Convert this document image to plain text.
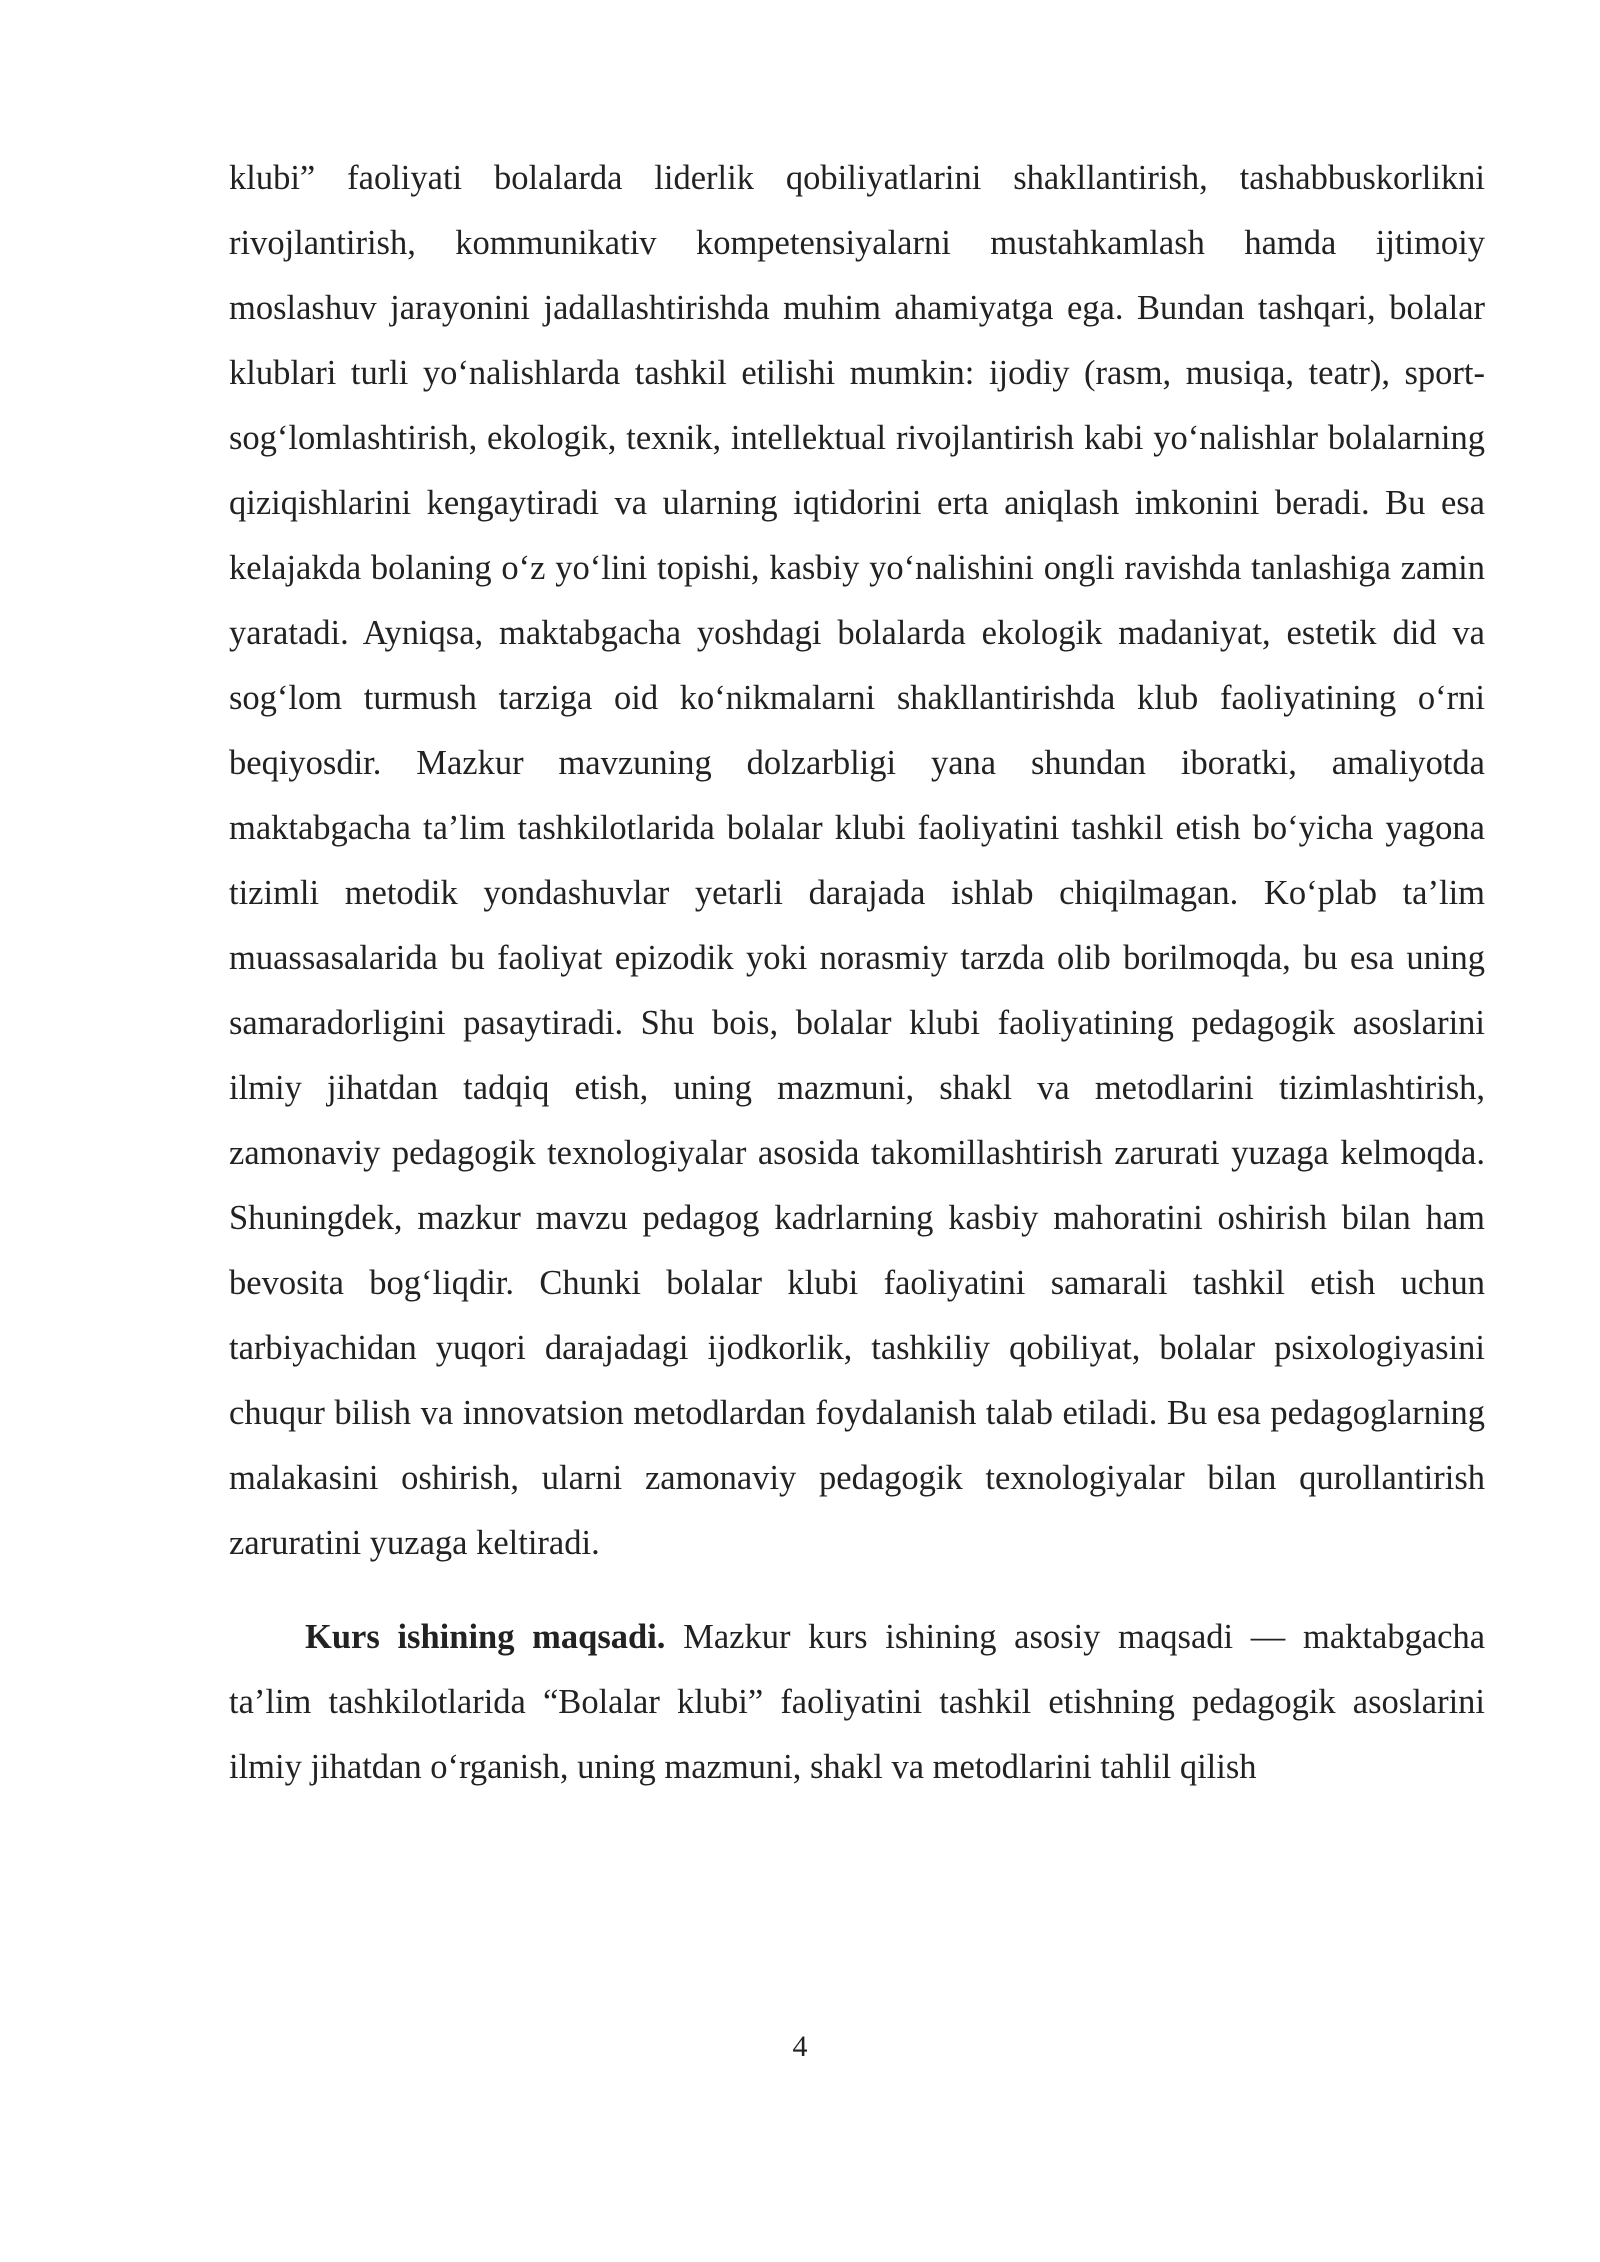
klubi” faoliyati bolalarda liderlik qobiliyatlarini shakllantirish, tashabbuskorlikni rivojlantirish, kommunikativ kompetensiyalarni mustahkamlash hamda ijtimoiy moslashuv jarayonini jadallashtirishda muhim ahamiyatga ega. Bundan tashqari, bolalar klublari turli yo‘nalishlarda tashkil etilishi mumkin: ijodiy (rasm, musiqa, teatr), sport-sog‘lomlashtirish, ekologik, texnik, intellektual rivojlantirish kabi yo‘nalishlar bolalarning qiziqishlarini kengaytiradi va ularning iqtidorini erta aniqlash imkonini beradi. Bu esa kelajakda bolaning o‘z yo‘lini topishi, kasbiy yo‘nalishini ongli ravishda tanlashiga zamin yaratadi. Ayniqsa, maktabgacha yoshdagi bolalarda ekologik madaniyat, estetik did va sog‘lom turmush tarziga oid ko‘nikmalarni shakllantirishda klub faoliyatining o‘rni beqiyosdir. Mazkur mavzuning dolzarbligi yana shundan iboratki, amaliyotda maktabgacha ta’lim tashkilotlarida bolalar klubi faoliyatini tashkil etish bo‘yicha yagona tizimli metodik yondashuvlar yetarli darajada ishlab chiqilmagan. Ko‘plab ta’lim muassasalarida bu faoliyat epizodik yoki norasmiy tarzda olib borilmoqda, bu esa uning samaradorligini pasaytiradi. Shu bois, bolalar klubi faoliyatining pedagogik asoslarini ilmiy jihatdan tadqiq etish, uning mazmuni, shakl va metodlarini tizimlashtirish, zamonaviy pedagogik texnologiyalar asosida takomillashtirish zarurati yuzaga kelmoqda. Shuningdek, mazkur mavzu pedagog kadrlarning kasbiy mahoratini oshirish bilan ham bevosita bog‘liqdir. Chunki bolalar klubi faoliyatini samarali tashkil etish uchun tarbiyachidan yuqori darajadagi ijodkorlik, tashkiliy qobiliyat, bolalar psixologiyasini chuqur bilish va innovatsion metodlardan foydalanish talab etiladi. Bu esa pedagoglarning malakasini oshirish, ularni zamonaviy pedagogik texnologiyalar bilan qurollantirish zaruratini yuzaga keltiradi.

Kurs ishining maqsadi. Mazkur kurs ishining asosiy maqsadi — maktabgacha ta’lim tashkilotlarida “Bolalar klubi” faoliyatini tashkil etishning pedagogik asoslarini ilmiy jihatdan o‘rganish, uning mazmuni, shakl va metodlarini tahlil qilish

4
